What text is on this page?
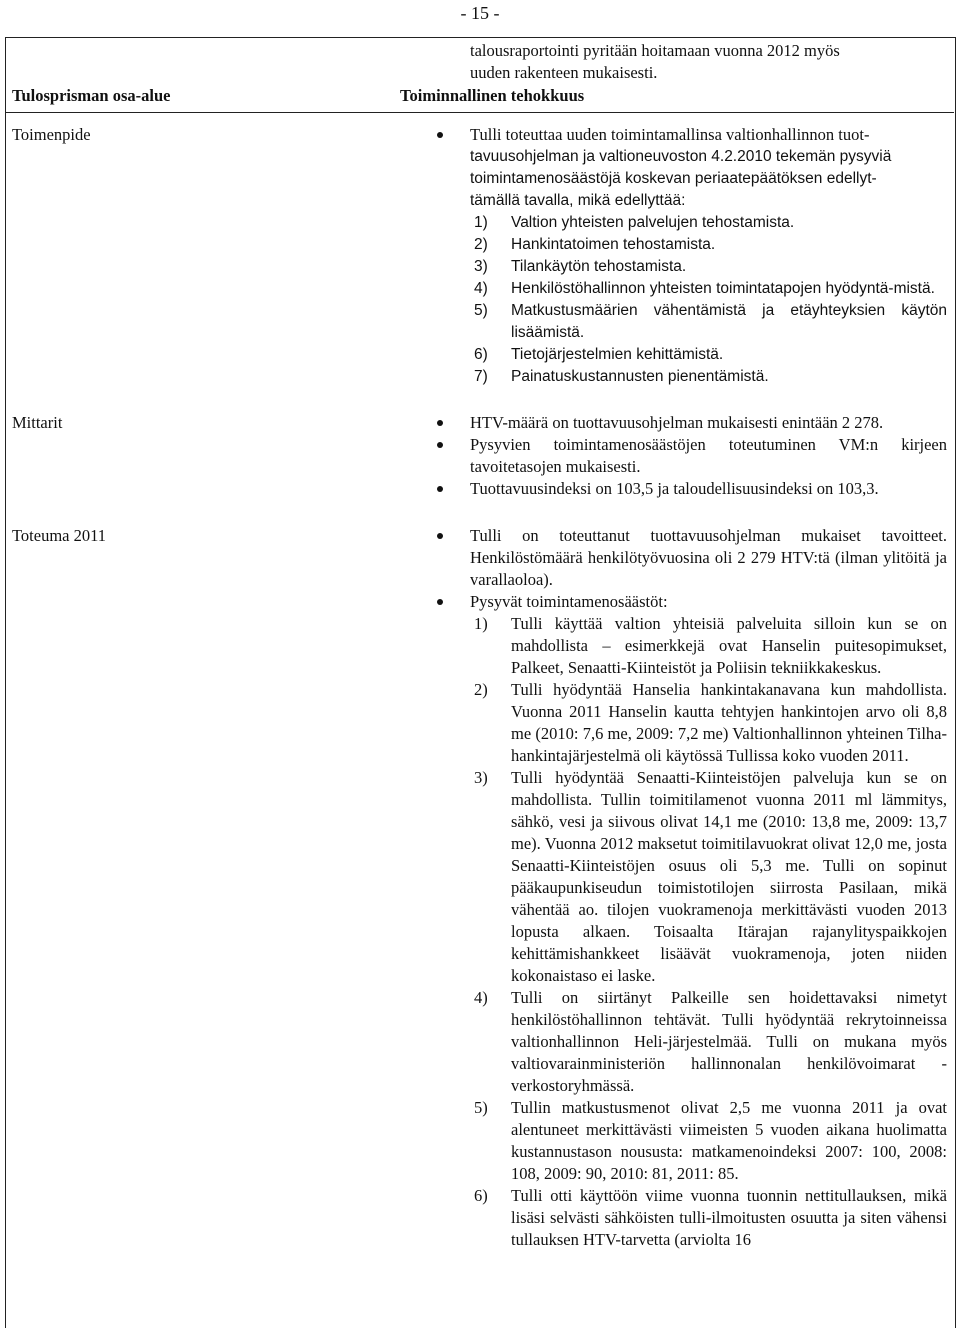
- 15 -
talousraportointi pyritään hoitamaan vuonna 2012 myös
uuden rakenteen mukaisesti.
Tulosprisman osa-alue	Toiminnallinen tehokkuus
Toimenpide	Tulli toteuttaa uuden toimintamallinsa valtionhallinnon tuot-
tavuusohjelman ja valtioneuvoston 4.2.2010 tekemän pysyviä
toimintamenosäästöjä koskevan periaatepäätöksen edellyt-
tämällä tavalla, mikä edellyttää:
1) Valtion yhteisten palvelujen tehostamista.
2) Hankintatoimen tehostamista.
3) Tilankäytön tehostamista.
4) Henkilöstöhallinnon yhteisten toimintatapojen hyödyntä-mistä.
5) Matkustusmäärien vähentämistä ja etäyhteyksien käytön lisäämistä.
6) Tietojärjestelmien kehittämistä.
7) Painatuskustannusten pienentämistä.
Mittarit	HTV-määrä on tuottavuusohjelman mukaisesti enintään 2 278.
Pysyvien toimintamenosäästöjen toteutuminen VM:n kirjeen tavoitetasojen mukaisesti.
Tuottavuusindeksi on 103,5 ja taloudellisuusindeksi on 103,3.
Toteuma 2011	Tulli on toteuttanut tuottavuusohjelman mukaiset tavoitteet. Henkilöstömäärä henkilötyövuosina oli 2 279 HTV:tä (ilman ylitöitä ja varallaoloa).
Pysyvät toimintamenosäästöt:
1) Tulli käyttää valtion yhteisiä palveluita silloin kun se on mahdollista – esimerkkejä ovat Hanselin puitesopimukset, Palkeet, Senaatti-Kiinteistöt ja Poliisin tekniikkakeskus.
2) Tulli hyödyntää Hanselia hankintakanavana kun mahdollista. Vuonna 2011 Hanselin kautta tehtyjen hankintojen arvo oli 8,8 me (2010: 7,6 me, 2009: 7,2 me) Valtionhallinnon yhteinen Tilha-hankintajärjestelmä oli käytössä Tullissa koko vuoden 2011.
3) Tulli hyödyntää Senaatti-Kiinteistöjen palveluja kun se on mahdollista. Tullin toimitilamenot vuonna 2011 ml lämmitys, sähkö, vesi ja siivous olivat 14,1 me (2010: 13,8 me, 2009: 13,7 me). Vuonna 2012 maksetut toimitilavuokrat olivat 12,0 me, josta Senaatti-Kiinteistöjen osuus oli 5,3 me. Tulli on sopinut pääkaupunkiseudun toimistotilojen siirrosta Pasilaan, mikä vähentää ao. tilojen vuokramenoja merkittävästi vuoden 2013 lopusta alkaen. Toisaalta Itärajan rajanylityspaikkojen kehittämishankkeet lisäävät vuokramenoja, joten niiden kokonaistaso ei laske.
4) Tulli on siirtänyt Palkeille sen hoidettavaksi nimetyt henkilöstöhallinnon tehtävät. Tulli hyödyntää rekrytoinneissa valtionhallinnon Heli-järjestelmää. Tulli on mukana myös valtiovarainministeriön hallinnonalan henkilövoimarat -verkostoryhmässä.
5) Tullin matkustusmenot olivat 2,5 me vuonna 2011 ja ovat alentuneet merkittävästi viimeisten 5 vuoden aikana huolimatta kustannustason noususta: matkamenoindeksi 2007: 100, 2008: 108, 2009: 90, 2010: 81, 2011: 85.
6) Tulli otti käyttöön viime vuonna tuonnin nettitullauksen, mikä lisäsi selvästi sähköisten tulli-ilmoitusten osuutta ja siten vähensi tullauksen HTV-tarvetta (arviolta 16
